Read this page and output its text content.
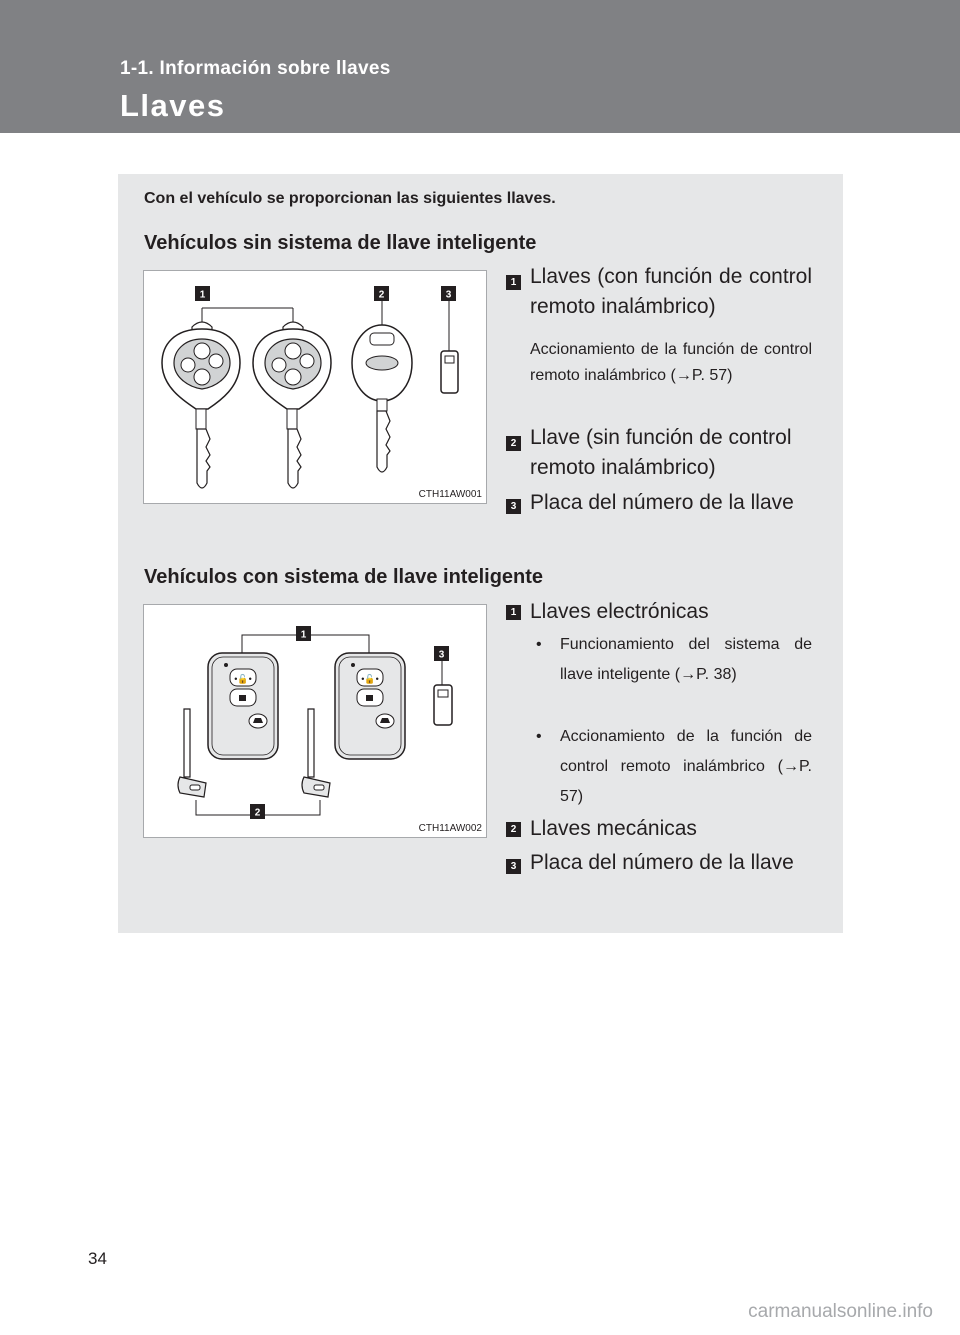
1-1. Información sobre llaves
Llaves
Con el vehículo se proporcionan las siguientes llaves.
Vehículos sin sistema de llave inteligente
1	2	3
CTH11AW001
1 Llaves (con función de control remoto inalámbrico)
Accionamiento de la función de control remoto inalámbrico (→P. 57)
2 Llave (sin función de control remoto inalámbrico)
3 Placa del número de la llave
Vehículos con sistema de llave inteligente
1
2
3
•🔓•	•🔓•
CTH11AW002
1 Llaves electrónicas
• Funcionamiento del sistema de llave inteligente (→P. 38)
• Accionamiento de la función de control remoto inalámbrico (→P. 57)
2 Llaves mecánicas
3 Placa del número de la llave
34
carmanualsonline.info
